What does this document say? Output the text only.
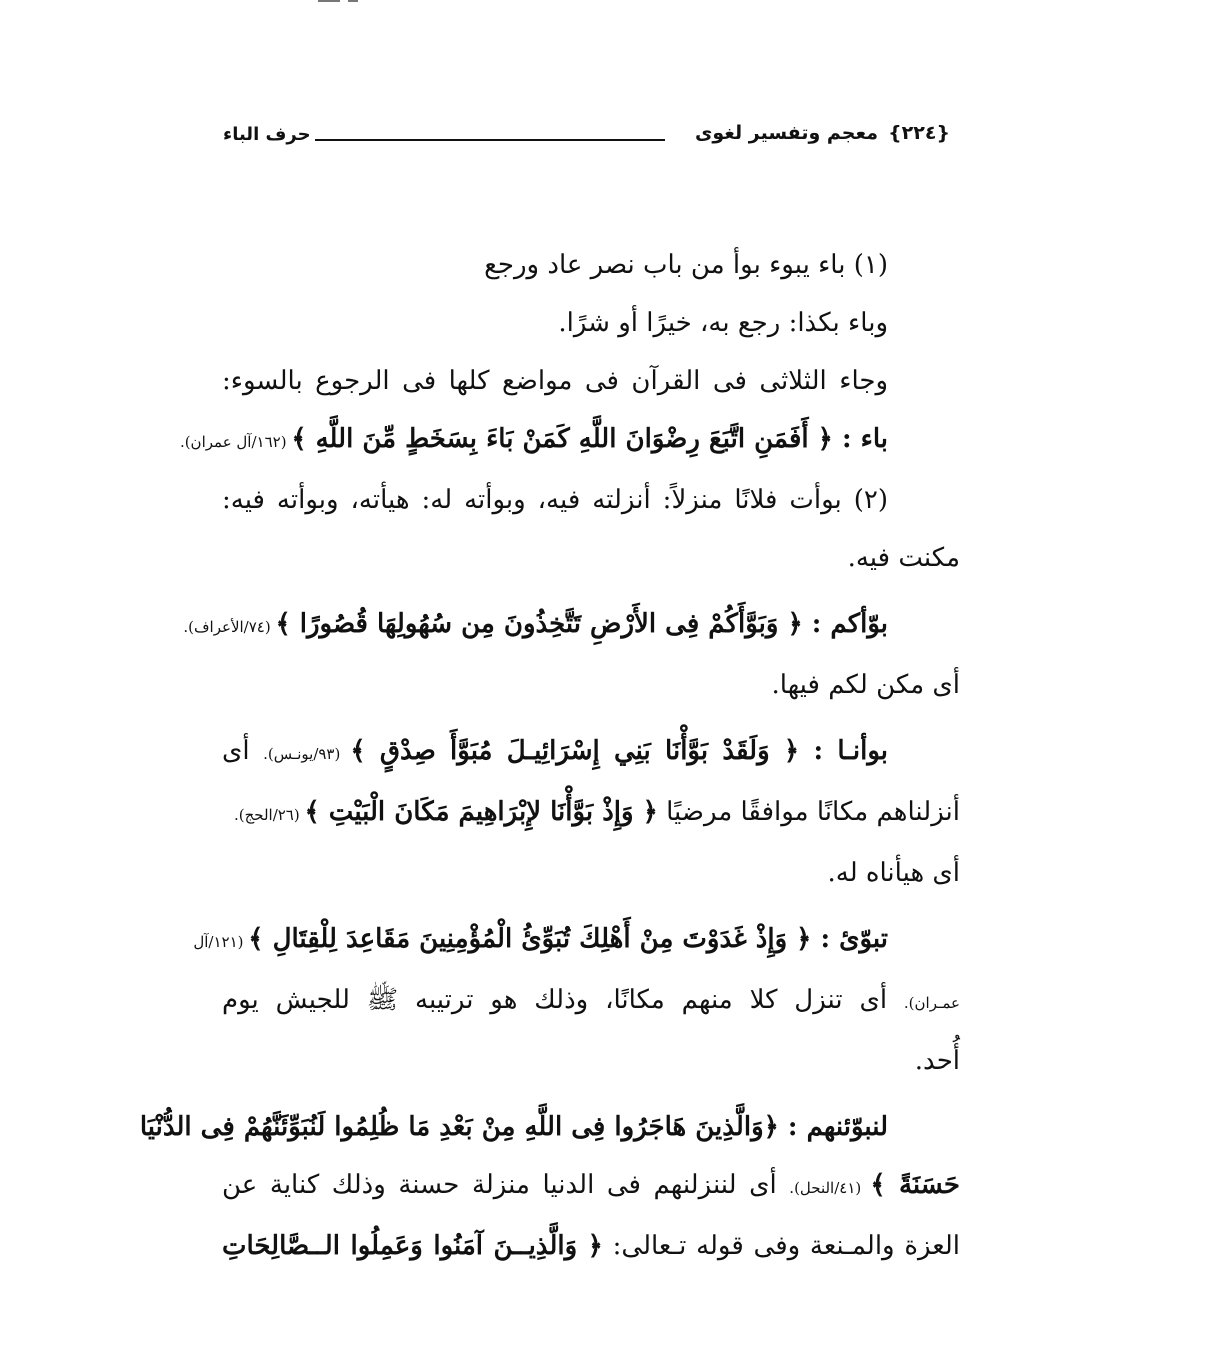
{٢٢٤}
معجم وتفسير لغوى
حرف الباء
(١) باء يبوء بوأ من باب نصر عاد ورجع
وباء بكذا: رجع به، خيرًا أو شرًا.
وجاء الثلاثى فى القرآن فى مواضع كلها فى الرجوع بالسوء:
باء : ﴿ أَفَمَنِ اتَّبَعَ رِضْوَانَ اللَّهِ كَمَنْ بَاءَ بِسَخَطٍ مِّنَ اللَّهِ ﴾ (١٦٢/آل عمران).
(٢) بوأت فلانًا منزلاً: أنزلته فيه، وبوأته له: هيأته، وبوأته فيه:
مكنت فيه.
بوّأكم : ﴿ وَبَوَّأَكُمْ فِى الأَرْضِ تَتَّخِذُونَ مِن سُهُولِهَا قُصُورًا ﴾ (٧٤/الأعراف).
أى مكن لكم فيها.
بوأنـا : ﴿ وَلَقَدْ بَوَّأْنَا بَنِي إِسْرَائِيـلَ مُبَوَّأَ صِدْقٍ ﴾ (٩٣/يونـس). أى
أنزلناهم مكانًا موافقًا مرضيًا ﴿ وَإِذْ بَوَّأْنَا لإِبْرَاهِيمَ مَكَانَ الْبَيْتِ ﴾ (٢٦/الحج).
أى هيأناه له.
تبوّئ : ﴿ وَإِذْ غَدَوْتَ مِنْ أَهْلِكَ تُبَوِّئُ الْمُؤْمِنِينَ مَقَاعِدَ لِلْقِتَالِ ﴾ (١٢١/آل
عمـران). أى تنزل كلا منهم مكانًا، وذلك هو ترتيبه ﷺ للجيش يوم
أُحد.
لنبوّئنهم : ﴿وَالَّذِينَ هَاجَرُوا فِى اللَّهِ مِنْ بَعْدِ مَا ظُلِمُوا لَنُبَوِّئَنَّهُمْ فِى الدُّنْيَا
حَسَنَةً ﴾ (٤١/النحل). أى لننزلنهم فى الدنيا منزلة حسنة وذلك كناية عن
العزة والمـنعة وفى قوله تـعالى: ﴿ وَالَّذِيــنَ آمَنُوا وَعَمِلُوا الــصَّالِحَاتِ
